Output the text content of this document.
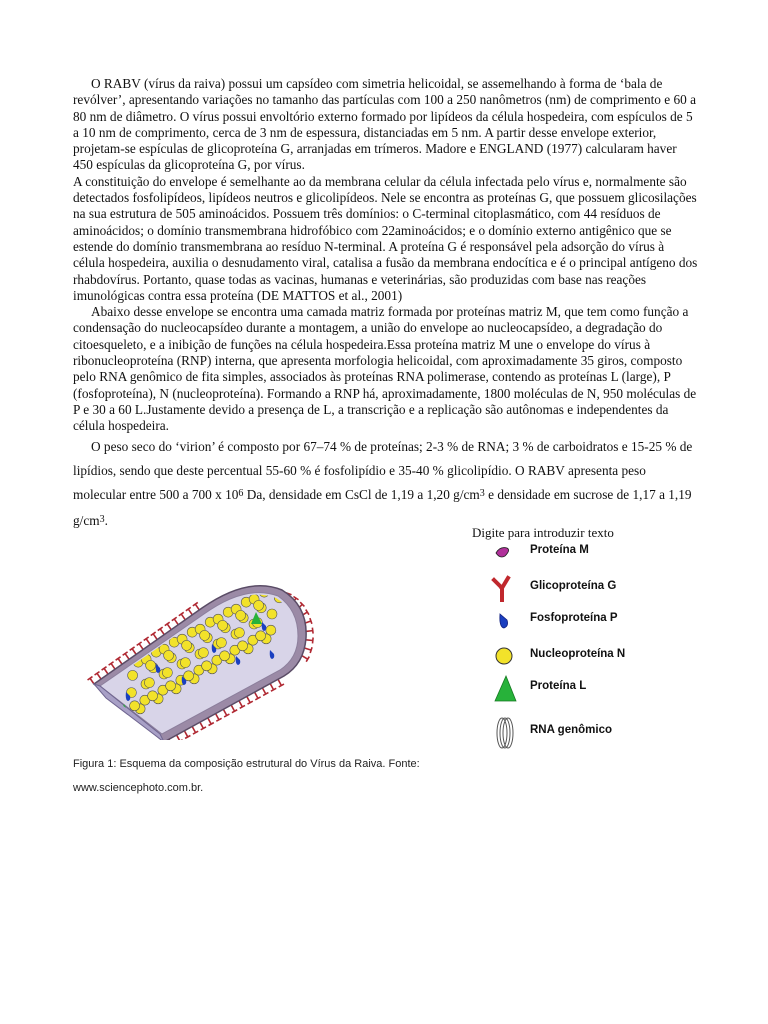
O RABV (vírus da raiva) possui um capsídeo com simetria helicoidal, se assemelhando à forma de ‘bala de revólver’, apresentando variações no tamanho das partículas com 100 a 250 nanômetros (nm) de comprimento e 60 a 80 nm de diâmetro. O vírus possui envoltório externo formado por lipídeos da célula hospedeira, com espículos de 5 a 10 nm de comprimento, cerca de 3 nm de espessura, distanciadas em 5 nm. A partir desse envelope exterior, projetam-se espículas de glicoproteína G, arranjadas em trímeros. Madore e ENGLAND (1977) calcularam haver 450 espículas da glicoproteína G, por vírus.

A constituição do envelope é semelhante ao da membrana celular da célula infectada pelo vírus e, normalmente são detectados fosfolipídeos, lipídeos neutros e glicolipídeos. Nele se encontra as proteínas G, que possuem glicosilações na sua estrutura de 505 aminoácidos. Possuem três domínios: o C-terminal citoplasmático, com 44 resíduos de aminoácidos; o domínio transmembrana hidrofóbico com 22aminoácidos; e o domínio externo antigênico que se estende do domínio transmembrana ao resíduo N-terminal. A proteína G é responsável pela adsorção do vírus à célula hospedeira, auxilia o desnudamento viral, catalisa a fusão da membrana endocítica e é o principal antígeno dos rhabdovírus. Portanto, quase todas as vacinas, humanas e veterinárias, são produzidas com base nas reações imunológicas contra essa proteína (DE MATTOS et al., 2001)

Abaixo desse envelope se encontra uma camada matriz formada por proteínas matriz M, que tem como função a condensação do nucleocapsídeo durante a montagem, a união do envelope ao nucleocapsídeo, a degradação do citoesqueleto, e a inibição de funções na célula hospedeira.Essa proteína matriz M une o envelope do vírus à ribonucleoproteína (RNP) interna, que apresenta morfologia helicoidal, com aproximadamente 35 giros, composto pelo RNA genômico de fita simples, associados às proteínas RNA polimerase, contendo as proteínas L (large), P (fosfoproteína), N (nucleoproteína). Formando a RNP há, aproximadamente, 1800 moléculas de N, 950 moléculas de P e 30 a 60 L.Justamente devido a presença de L, a transcrição e a replicação são autônomas e independentes da célula hospedeira.

O peso seco do ‘virion’ é composto por 67–74 % de proteínas; 2-3 % de RNA; 3 % de carboidratos e 15-25 % de lipídios, sendo que deste percentual 55-60 % é fosfolipídio e 35-40 % glicolipídio. O RABV apresenta peso molecular entre 500 a 700 x $10^6$ Da, densidade em CsCl de 1,19 a 1,20 $g/cm^3$ e densidade em sucrose de 1,17 a 1,19 $g/cm^3$.

Digite para introduzir texto
Proteína M
Glicoproteína G
Fosfoproteína P
Nucleoproteína N
Proteína L
RNA genômico
Figura 1: Esquema da composição estrutural do Vírus da Raiva. Fonte:
www.sciencephoto.com.br.
